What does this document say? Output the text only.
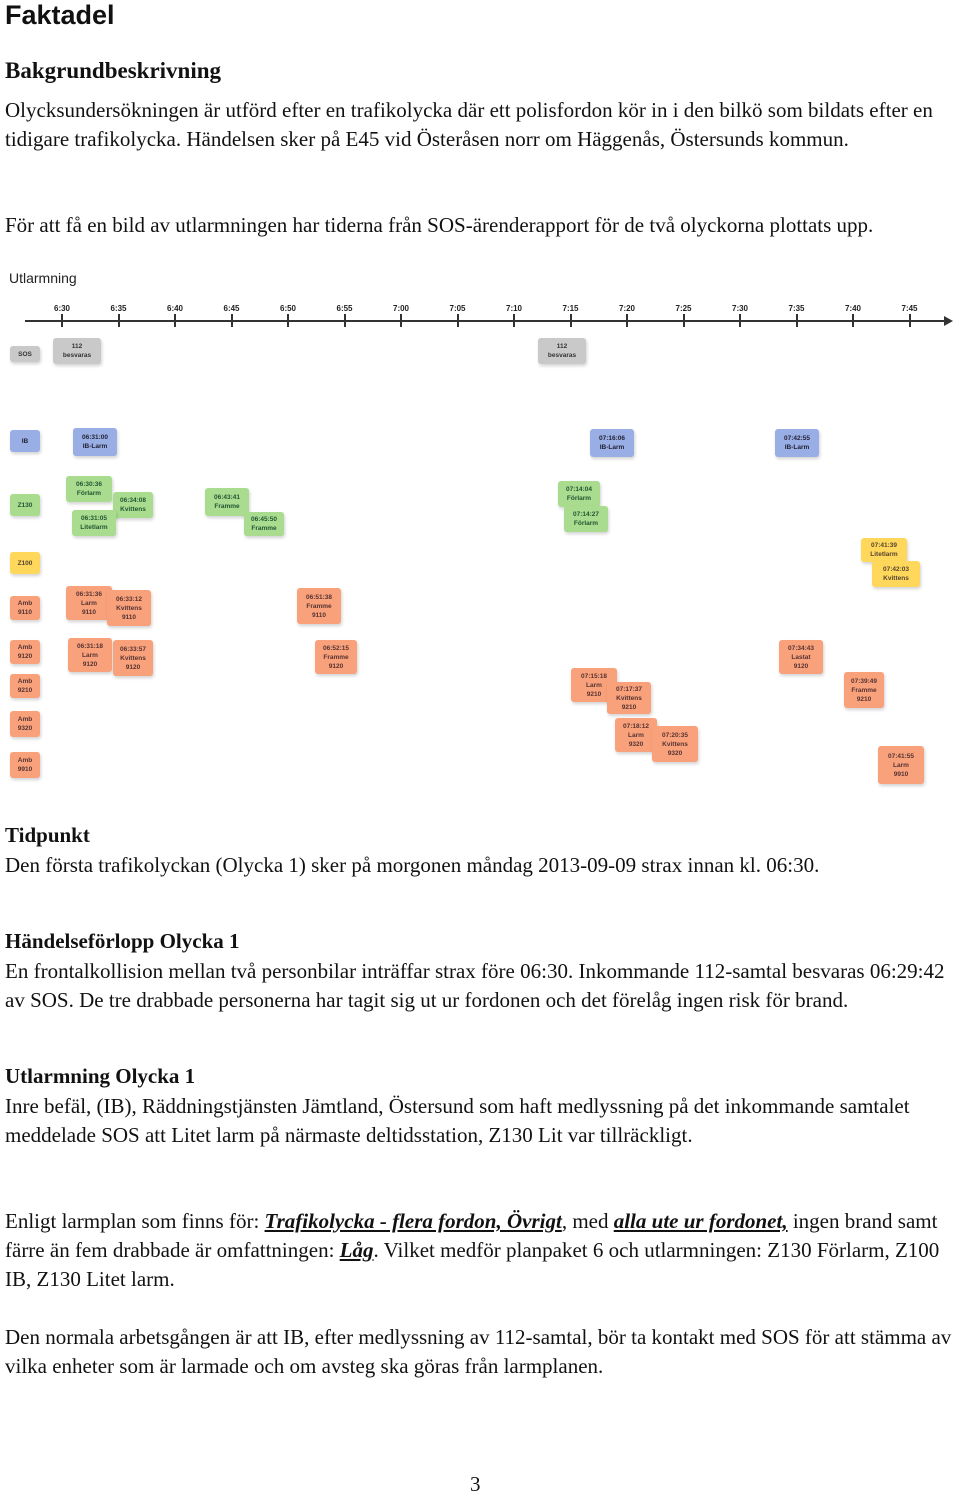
Faktadel
Bakgrundbeskrivning

Olycksundersökningen är utförd efter en trafikolycka där ett polisfordon kör in i den bilkö som bildats efter en tidigare trafikolycka. Händelsen sker på E45 vid Österåsen norr om Häggenås, Östersunds kommun.

För att få en bild av utlarmningen har tiderna från SOS-ärenderapport för de två olyckorna plottats upp.

Utlarmning
6:30	6:35	6:40	6:45	6:50	6:55	7:00	7:05	7:10	7:15	7:20	7:25	7:30	7:35	7:40	7:45
SOS
112
besvaras
112
besvaras
IB	06:31:00
IB-Larm
07:16:06
IB-Larm
07:42:55
IB-Larm
Z130
06:30:36
Förlarm
06:34:08
Kvittens
06:31:05
Litetlarm
06:43:41
Framme
06:45:50
Framme
07:14:04
Förlarm
07:14:27
Förlarm
Z100
07:41:39
Litetlarm
07:42:03
Kvittens
Amb
9110
06:31:36
Larm
9110
06:33:12
Kvittens
9110
06:51:38
Framme
9110
Amb
9120
06:31:18
Larm
9120
06:33:57
Kvittens
9120
06:52:15
Framme
9120
07:34:43
Lastat
9120
Amb
9210
07:15:18
Larm
9210
07:17:37
Kvittens
9210
07:39:49
Framme
9210
Amb
9320	07:18:12
Larm
9320
07:20:35
Kvittens
9320
Amb
9910
07:41:55
Larm
9910
Tidpunkt

Den första trafikolyckan (Olycka 1) sker på morgonen måndag 2013-09-09 strax innan kl. 06:30.

Händelseförlopp Olycka 1

En frontalkollision mellan två personbilar inträffar strax före 06:30. Inkommande 112-samtal besvaras 06:29:42 av SOS. De tre drabbade personerna har tagit sig ut ur fordonen och det förelåg ingen risk för brand.

Utlarmning Olycka 1

Inre befäl, (IB), Räddningstjänsten Jämtland, Östersund som haft medlyssning på det inkommande samtalet meddelade SOS att Litet larm på närmaste deltidsstation, Z130 Lit var tillräckligt.

Enligt larmplan som finns för: Trafikolycka - flera fordon, Övrigt, med alla ute ur fordonet, ingen brand samt färre än fem drabbade är omfattningen: Låg. Vilket medför planpaket 6 och utlarmningen: Z130 Förlarm, Z100 IB, Z130 Litet larm.

Den normala arbetsgången är att IB, efter medlyssning av 112-samtal, bör ta kontakt med SOS för att stämma av vilka enheter som är larmade och om avsteg ska göras från larmplanen.

3
